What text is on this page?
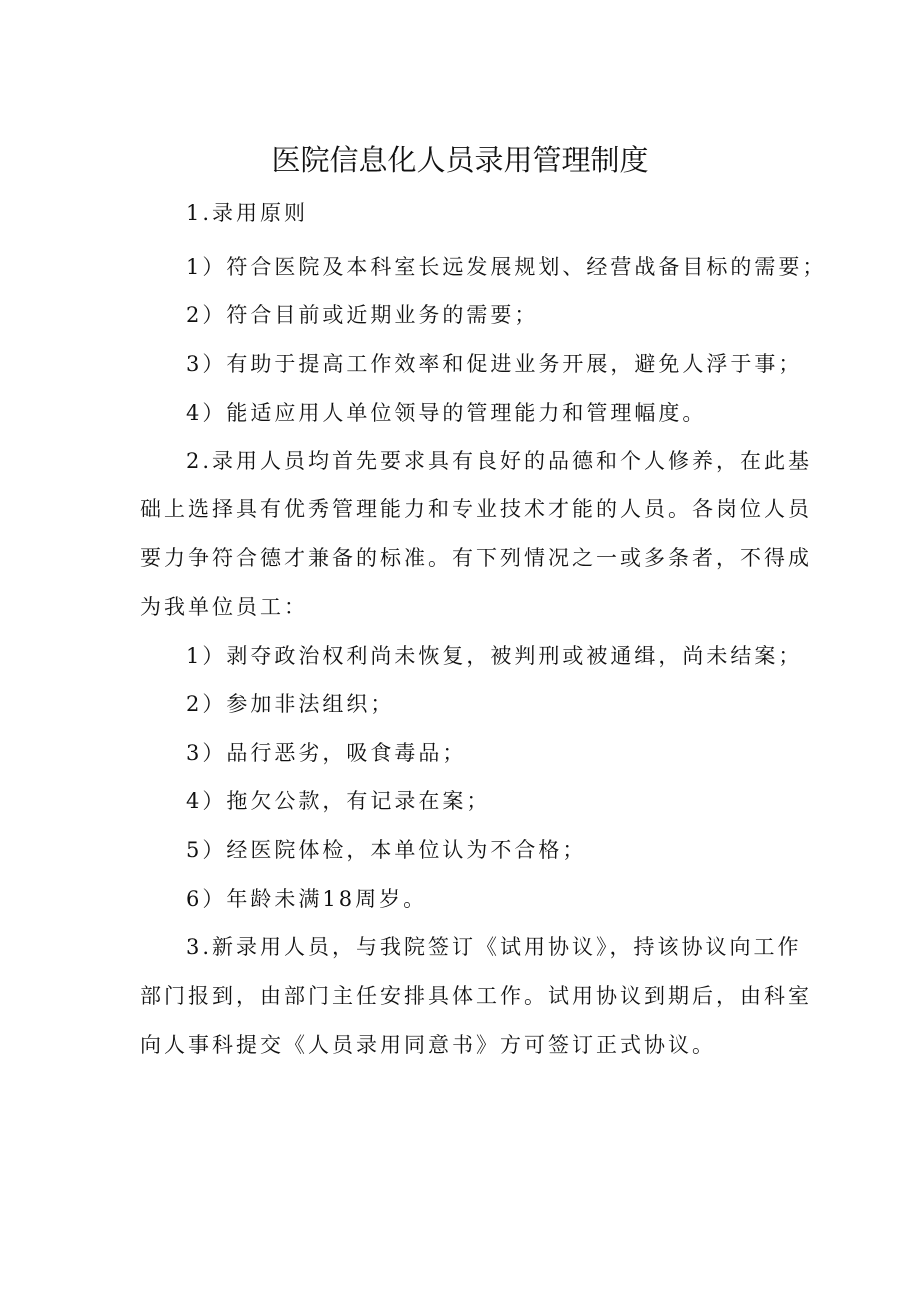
医院信息化人员录用管理制度

1.录用原则

1）符合医院及本科室长远发展规划、经营战备目标的需要；

2）符合目前或近期业务的需要；

3）有助于提高工作效率和促进业务开展，避免人浮于事；

4）能适应用人单位领导的管理能力和管理幅度。

2.录用人员均首先要求具有良好的品德和个人修养，在此基

础上选择具有优秀管理能力和专业技术才能的人员。各岗位人员

要力争符合德才兼备的标准。有下列情况之一或多条者，不得成

为我单位员工：

1）剥夺政治权利尚未恢复，被判刑或被通缉，尚未结案；

2）参加非法组织；

3）品行恶劣，吸食毒品；

4）拖欠公款，有记录在案；

5）经医院体检，本单位认为不合格；

6）年龄未满18周岁。

3.新录用人员，与我院签订《试用协议》，持该协议向工作

部门报到，由部门主任安排具体工作。试用协议到期后，由科室

向人事科提交《人员录用同意书》方可签订正式协议。
